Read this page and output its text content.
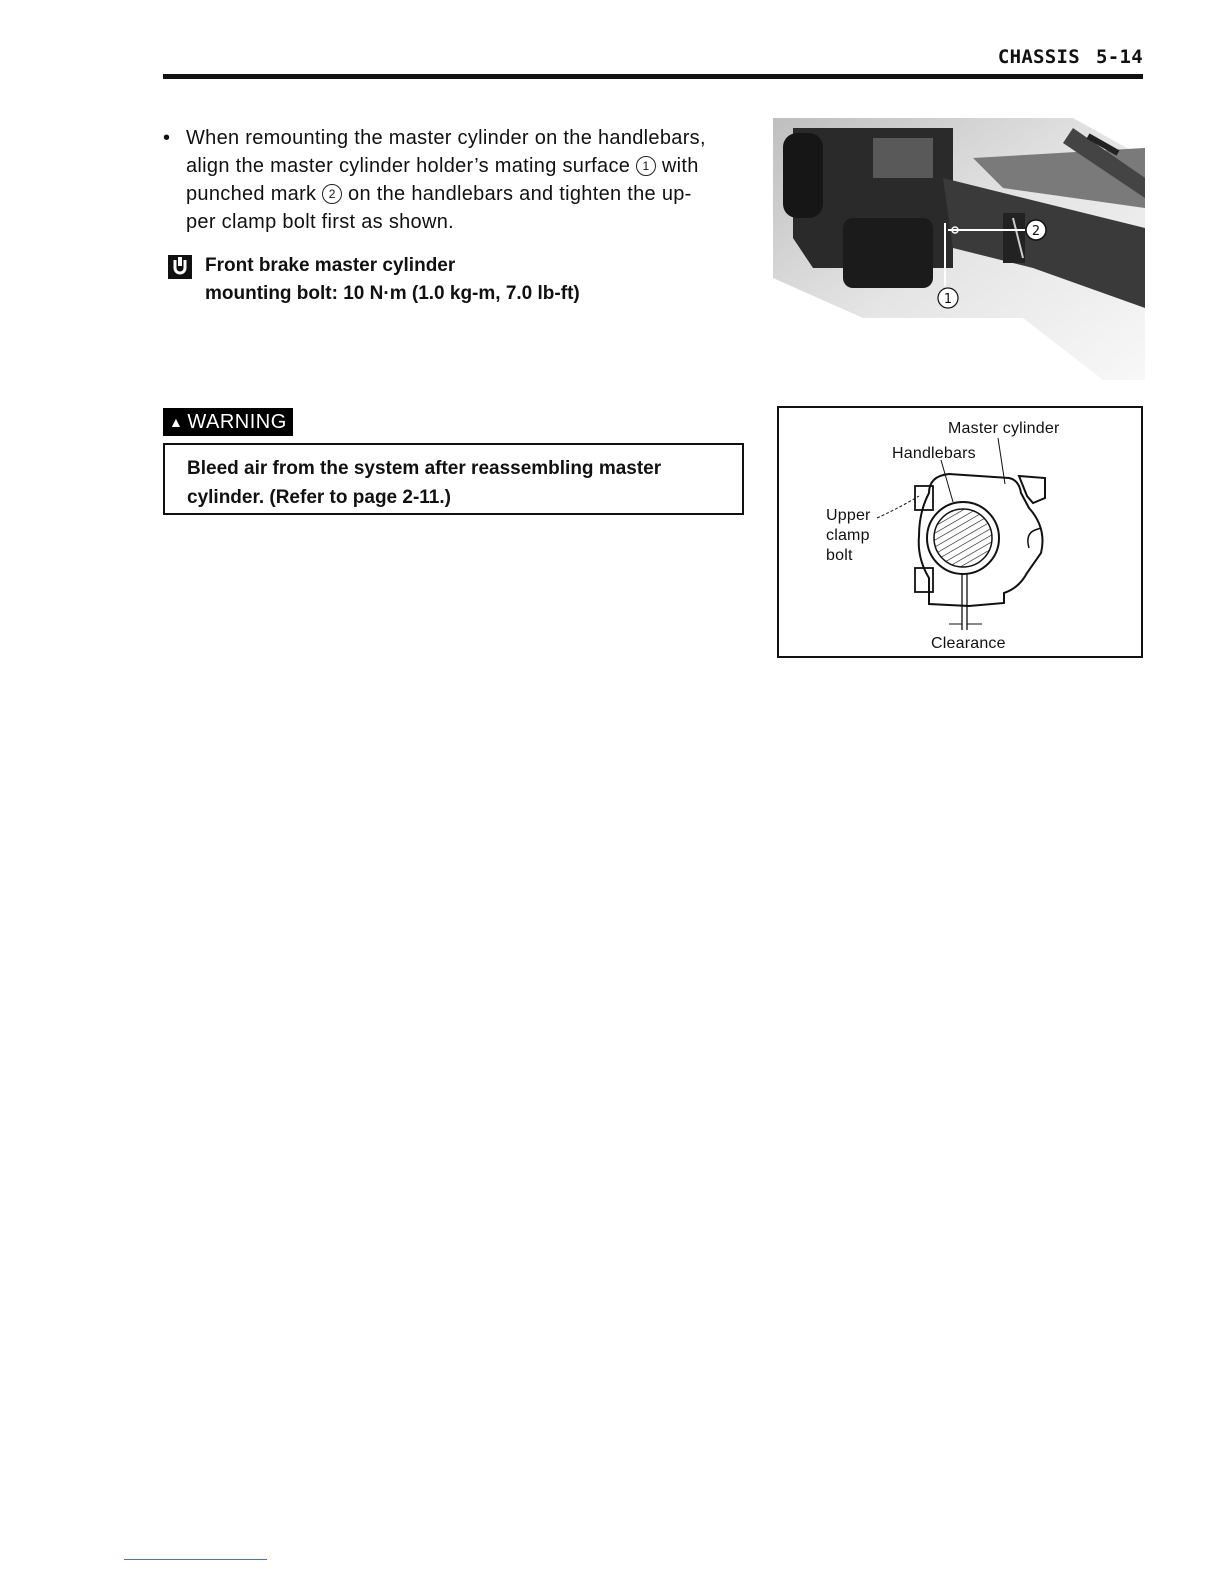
CHASSIS 5-14
• When remounting the master cylinder on the handlebars,
align the master cylinder holder’s mating surface 1 with
punched mark 2 on the handlebars and tighten the up-
per clamp bolt first as shown.
Front brake master cylinder
mounting bolt: 10 N·m (1.0 kg-m, 7.0 lb-ft)
▲ WARNING
Bleed air from the system after reassembling master
cylinder. (Refer to page 2-11.)
2
1
Master cylinder
Handlebars
Upper
clamp
bolt
Clearance
